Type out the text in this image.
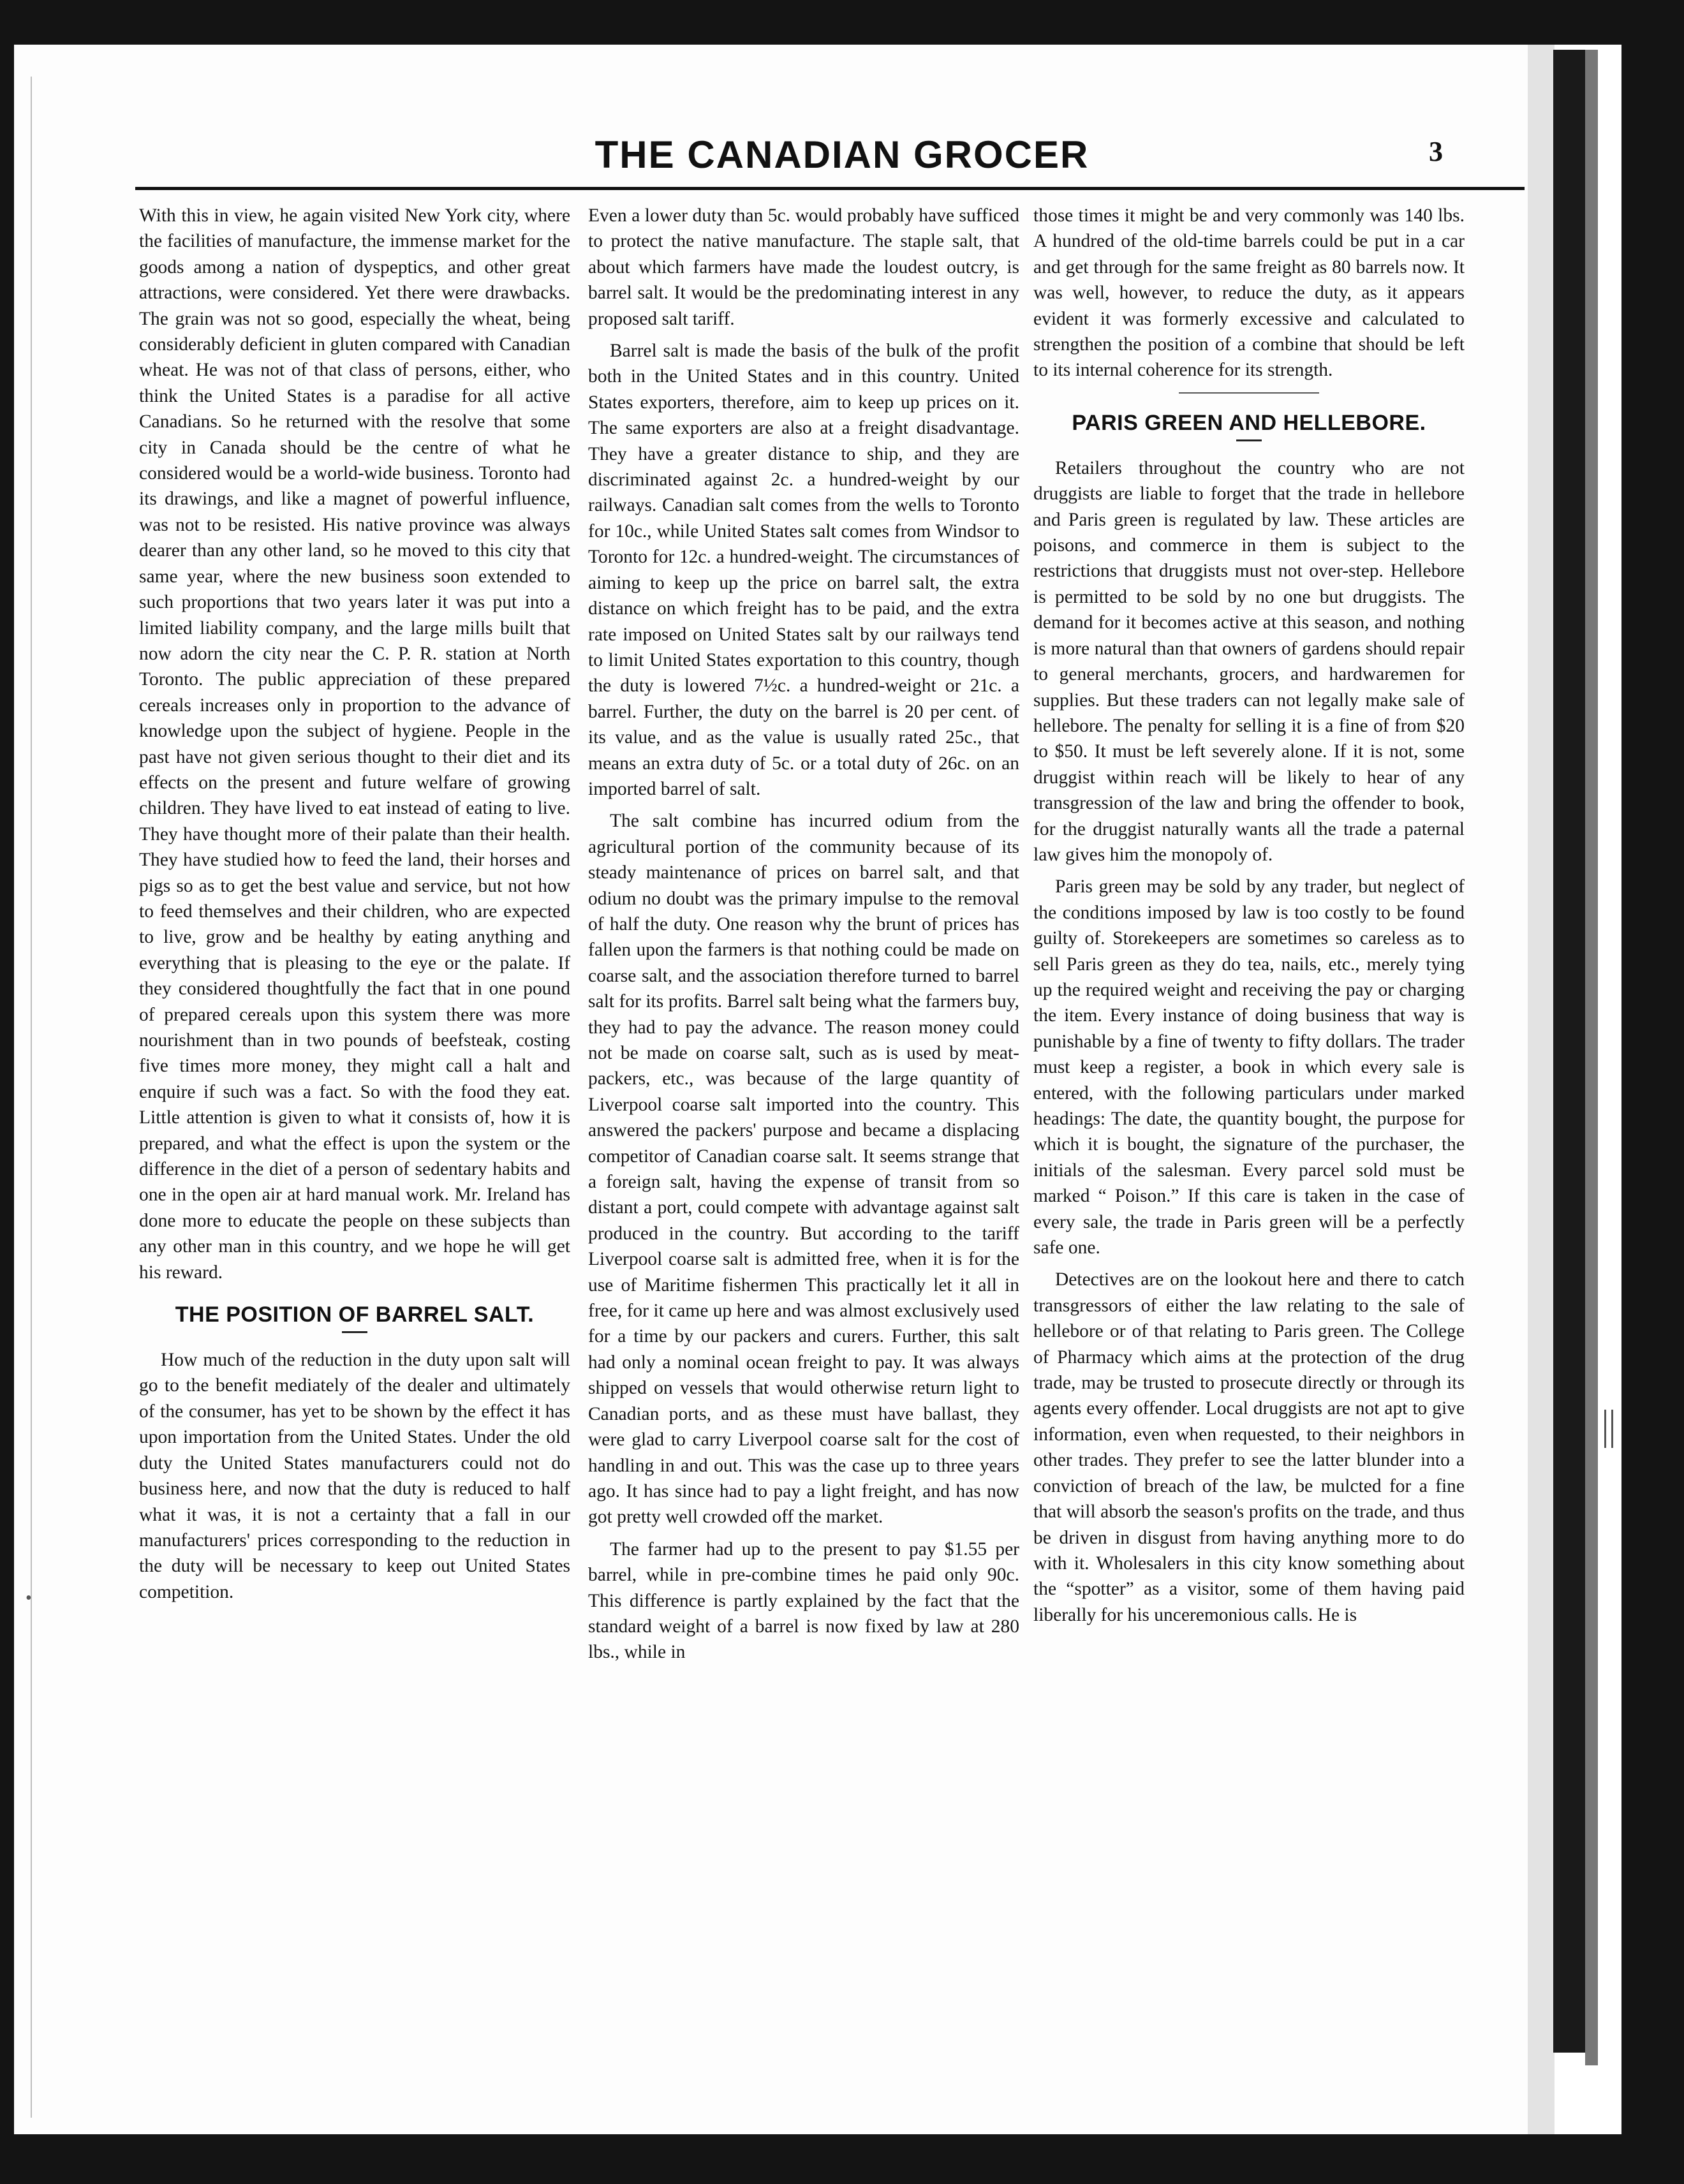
•
THE CANADIAN GROCER	3

With this in view, he again visited New York city, where the facilities of manufacture, the immense market for the goods among a nation of dyspeptics, and other great attractions, were considered. Yet there were drawbacks. The grain was not so good, especially the wheat, being considerably deficient in gluten compared with Canadian wheat. He was not of that class of persons, either, who think the United States is a paradise for all active Canadians. So he returned with the resolve that some city in Canada should be the centre of what he considered would be a world-wide business. Toronto had its drawings, and like a magnet of powerful influence, was not to be resisted. His native province was always dearer than any other land, so he moved to this city that same year, where the new business soon extended to such proportions that two years later it was put into a limited liability company, and the large mills built that now adorn the city near the C. P. R. station at North Toronto. The public appreciation of these prepared cereals increases only in proportion to the advance of knowledge upon the subject of hygiene. People in the past have not given serious thought to their diet and its effects on the present and future welfare of growing children. They have lived to eat instead of eating to live. They have thought more of their palate than their health. They have studied how to feed the land, their horses and pigs so as to get the best value and service, but not how to feed themselves and their children, who are expected to live, grow and be healthy by eating anything and everything that is pleasing to the eye or the palate. If they considered thoughtfully the fact that in one pound of prepared cereals upon this system there was more nourishment than in two pounds of beefsteak, costing five times more money, they might call a halt and enquire if such was a fact. So with the food they eat. Little attention is given to what it consists of, how it is prepared, and what the effect is upon the system or the difference in the diet of a person of sedentary habits and one in the open air at hard manual work. Mr. Ireland has done more to educate the people on these subjects than any other man in this country, and we hope he will get his reward.

THE POSITION OF BARREL SALT.

How much of the reduction in the duty upon salt will go to the benefit mediately of the dealer and ultimately of the consumer, has yet to be shown by the effect it has upon importation from the United States. Under the old duty the United States manufacturers could not do business here, and now that the duty is reduced to half what it was, it is not a certainty that a fall in our manufacturers' prices corresponding to the reduction in the duty will be necessary to keep out United States competition.

Even a lower duty than 5c. would probably have sufficed to protect the native manufacture. The staple salt, that about which farmers have made the loudest outcry, is barrel salt. It would be the predominating interest in any proposed salt tariff.

Barrel salt is made the basis of the bulk of the profit both in the United States and in this country. United States exporters, therefore, aim to keep up prices on it. The same exporters are also at a freight disadvantage. They have a greater distance to ship, and they are discriminated against 2c. a hundred-weight by our railways. Canadian salt comes from the wells to Toronto for 10c., while United States salt comes from Windsor to Toronto for 12c. a hundred-weight. The circumstances of aiming to keep up the price on barrel salt, the extra distance on which freight has to be paid, and the extra rate imposed on United States salt by our railways tend to limit United States exportation to this country, though the duty is lowered 7½c. a hundred-weight or 21c. a barrel. Further, the duty on the barrel is 20 per cent. of its value, and as the value is usually rated 25c., that means an extra duty of 5c. or a total duty of 26c. on an imported barrel of salt.

The salt combine has incurred odium from the agricultural portion of the community because of its steady maintenance of prices on barrel salt, and that odium no doubt was the primary impulse to the removal of half the duty. One reason why the brunt of prices has fallen upon the farmers is that nothing could be made on coarse salt, and the association therefore turned to barrel salt for its profits. Barrel salt being what the farmers buy, they had to pay the advance. The reason money could not be made on coarse salt, such as is used by meat-packers, etc., was because of the large quantity of Liverpool coarse salt imported into the country. This answered the packers' purpose and became a displacing competitor of Canadian coarse salt. It seems strange that a foreign salt, having the expense of transit from so distant a port, could compete with advantage against salt produced in the country. But according to the tariff Liverpool coarse salt is admitted free, when it is for the use of Maritime fishermen This practically let it all in free, for it came up here and was almost exclusively used for a time by our packers and curers. Further, this salt had only a nominal ocean freight to pay. It was always shipped on vessels that would otherwise return light to Canadian ports, and as these must have ballast, they were glad to carry Liverpool coarse salt for the cost of handling in and out. This was the case up to three years ago. It has since had to pay a light freight, and has now got pretty well crowded off the market.

The farmer had up to the present to pay $1.55 per barrel, while in pre-combine times he paid only 90c. This difference is partly explained by the fact that the standard weight of a barrel is now fixed by law at 280 lbs., while in

those times it might be and very commonly was 140 lbs. A hundred of the old-time barrels could be put in a car and get through for the same freight as 80 barrels now. It was well, however, to reduce the duty, as it appears evident it was formerly excessive and calculated to strengthen the position of a combine that should be left to its internal coherence for its strength.

PARIS GREEN AND HELLEBORE.

Retailers throughout the country who are not druggists are liable to forget that the trade in hellebore and Paris green is regulated by law. These articles are poisons, and commerce in them is subject to the restrictions that druggists must not over-step. Hellebore is permitted to be sold by no one but druggists. The demand for it becomes active at this season, and nothing is more natural than that owners of gardens should repair to general merchants, grocers, and hardwaremen for supplies. But these traders can not legally make sale of hellebore. The penalty for selling it is a fine of from $20 to $50. It must be left severely alone. If it is not, some druggist within reach will be likely to hear of any transgression of the law and bring the offender to book, for the druggist naturally wants all the trade a paternal law gives him the monopoly of.

Paris green may be sold by any trader, but neglect of the conditions imposed by law is too costly to be found guilty of. Storekeepers are sometimes so careless as to sell Paris green as they do tea, nails, etc., merely tying up the required weight and receiving the pay or charging the item. Every instance of doing business that way is punishable by a fine of twenty to fifty dollars. The trader must keep a register, a book in which every sale is entered, with the following particulars under marked headings: The date, the quantity bought, the purpose for which it is bought, the signature of the purchaser, the initials of the salesman. Every parcel sold must be marked “ Poison.” If this care is taken in the case of every sale, the trade in Paris green will be a perfectly safe one.

Detectives are on the lookout here and there to catch transgressors of either the law relating to the sale of hellebore or of that relating to Paris green. The College of Pharmacy which aims at the protection of the drug trade, may be trusted to prosecute directly or through its agents every offender. Local druggists are not apt to give information, even when requested, to their neighbors in other trades. They prefer to see the latter blunder into a conviction of breach of the law, be mulcted for a fine that will absorb the season's profits on the trade, and thus be driven in disgust from having anything more to do with it. Wholesalers in this city know something about the “spotter” as a visitor, some of them having paid liberally for his unceremonious calls. He is
